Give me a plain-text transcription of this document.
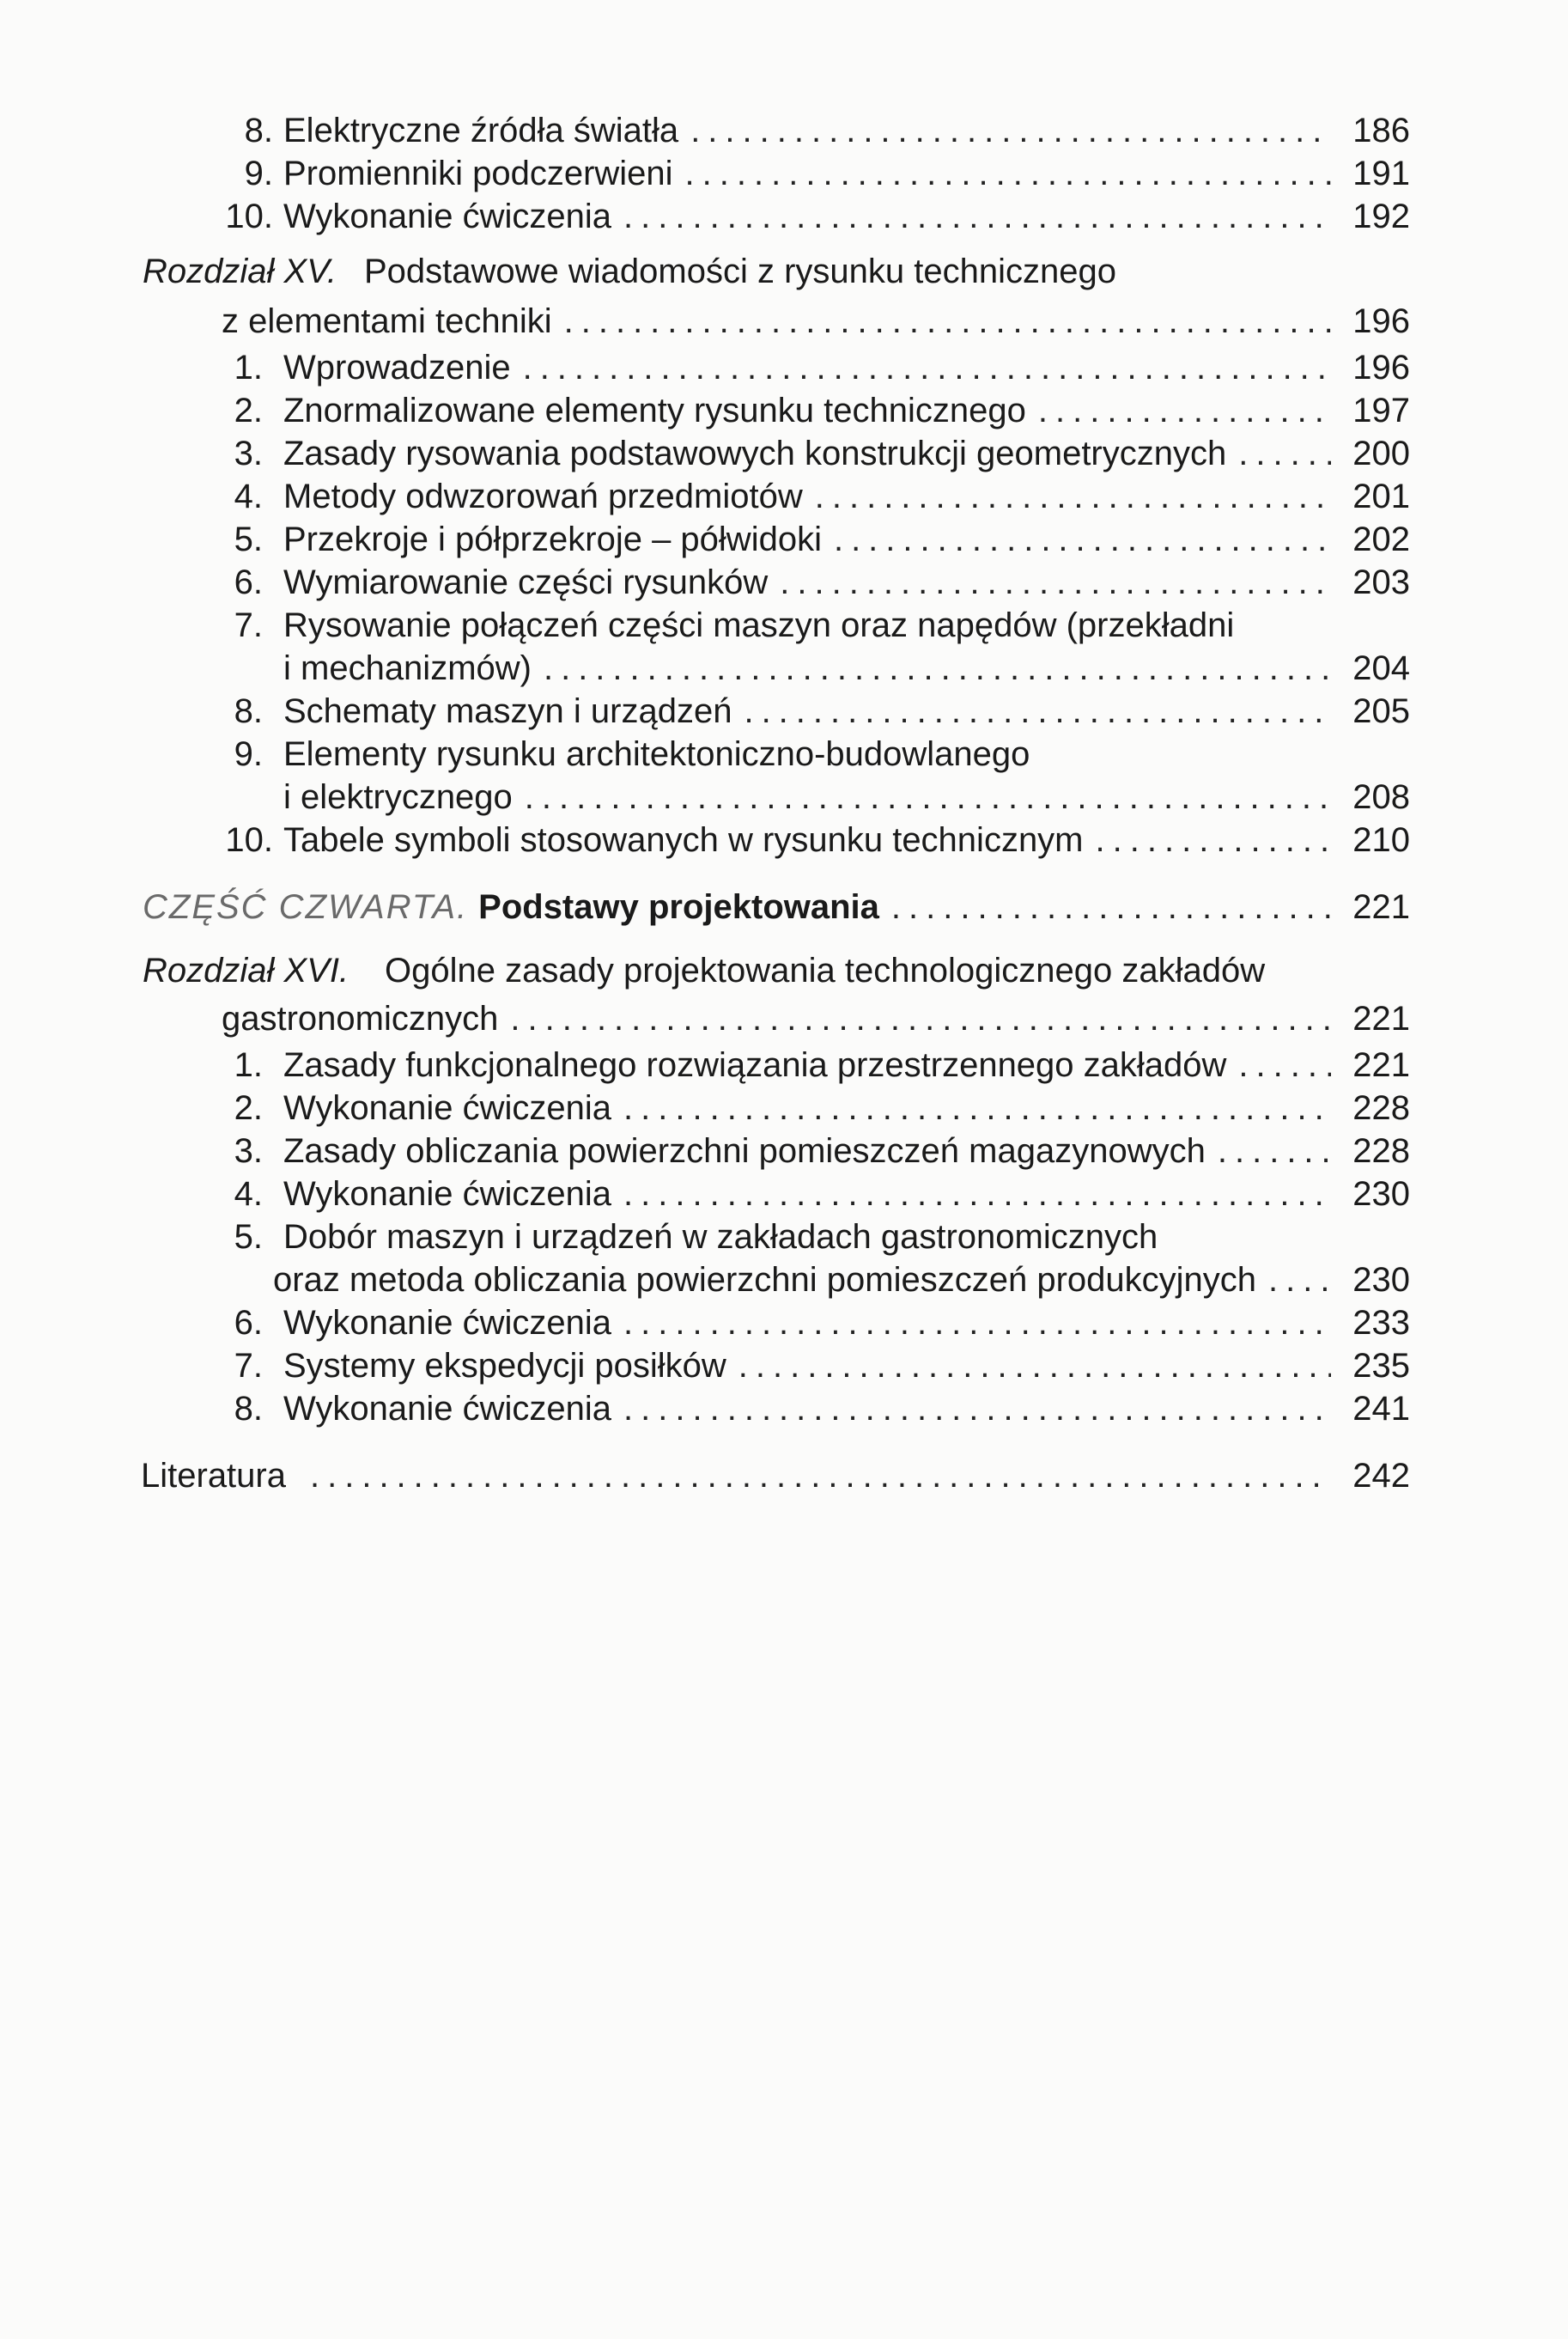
8. Elektryczne źródła światła .....	186
9. Promienniki podczerwieni .....	191
10. Wykonanie ćwiczenia .....	192
Rozdział XV. Podstawowe wiadomości z rysunku technicznego
z elementami techniki .....	196
1. Wprowadzenie .....	196
2. Znormalizowane elementy rysunku technicznego .....	197
3. Zasady rysowania podstawowych konstrukcji geometrycznych .....	200
4. Metody odwzorowań przedmiotów .....	201
5. Przekroje i półprzekroje – półwidoki .....	202
6. Wymiarowanie części rysunków .....	203
7. Rysowanie połączeń części maszyn oraz napędów (przekładni
i mechanizmów) .....	204
8. Schematy maszyn i urządzeń .....	205
9. Elementy rysunku architektoniczno-budowlanego
i elektrycznego .....	208
10. Tabele symboli stosowanych w rysunku technicznym .....	210
CZĘŚĆ CZWARTA. Podstawy projektowania .....	221
Rozdział XVI. Ogólne zasady projektowania technologicznego zakładów
gastronomicznych .....	221
1. Zasady funkcjonalnego rozwiązania przestrzennego zakładów .....	221
2. Wykonanie ćwiczenia .....	228
3. Zasady obliczania powierzchni pomieszczeń magazynowych .....	228
4. Wykonanie ćwiczenia .....	230
5. Dobór maszyn i urządzeń w zakładach gastronomicznych
oraz metoda obliczania powierzchni pomieszczeń produkcyjnych .....	230
6. Wykonanie ćwiczenia .....	233
7. Systemy ekspedycji posiłków .....	235
8. Wykonanie ćwiczenia .....	241
Literatura .....	242
